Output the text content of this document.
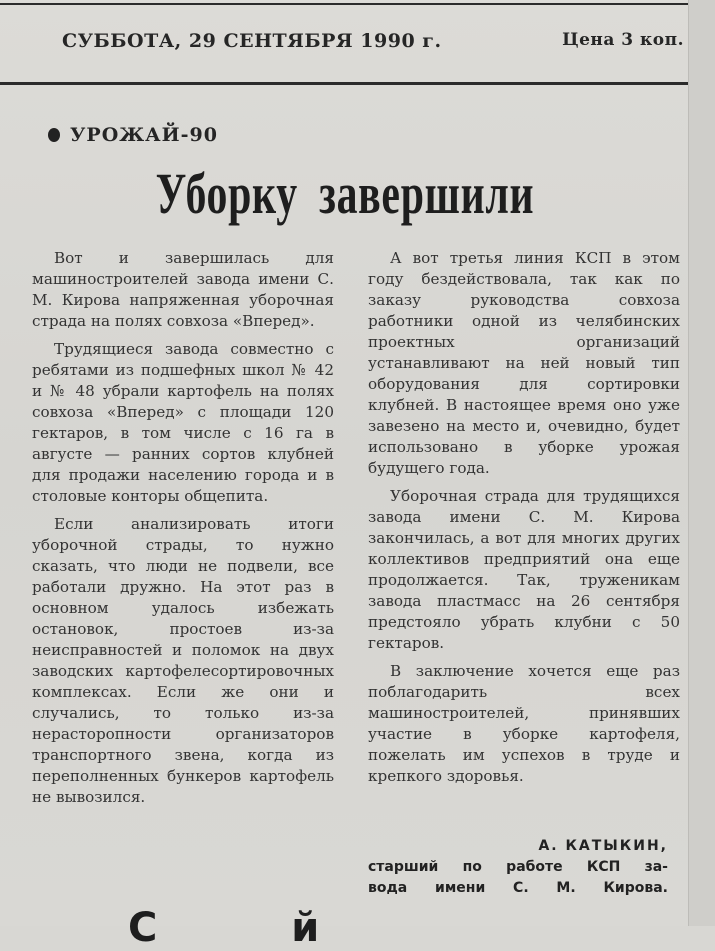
СУББОТА, 29 СЕНТЯБРЯ 1990 г.	Цена 3 коп.
УРОЖАЙ-90
Уборку завершили

Вот и завершилась для машиностроителей завода имени С. М. Кирова напряженная уборочная страда на полях совхоза «Вперед».

Трудящиеся завода совместно с ребятами из подшефных школ № 42 и № 48 убрали картофель на полях совхоза «Вперед» с площади 120 гектаров, в том числе с 16 га в августе — ранних сортов клубней для продажи населению города и в столовые конторы общепита.

Если анализировать итоги уборочной страды, то нужно сказать, что люди не подвели, все работали дружно. На этот раз в основном удалось избежать остановок, простоев из-за неисправностей и поломок на двух заводских картофелесортировочных комплексах. Если же они и случались, то только из-за нерасторопности организаторов транспортного звена, когда из переполненных бункеров картофель не вывозился.

А вот третья линия КСП в этом году бездействовала, так как по заказу руководства совхоза работники одной из челябинских проектных организаций устанавливают на ней новый тип оборудования для сортировки клубней. В настоящее время оно уже завезено на место и, очевидно, будет использовано в уборке урожая будущего года.

Уборочная страда для трудящихся завода имени С. М. Кирова закончилась, а вот для многих других коллективов предприятий она еще продолжается. Так, труженикам завода пластмасс на 26 сентября предстояло убрать клубни с 50 гектаров.

В заключение хочется еще раз поблагодарить всех машиностроителей, принявших участие в уборке картофеля, пожелать им успехов в труде и крепкого здоровья.

А. КАТЫКИН,
старший по работе КСП за-
вода имени С. М. Кирова.
С й
